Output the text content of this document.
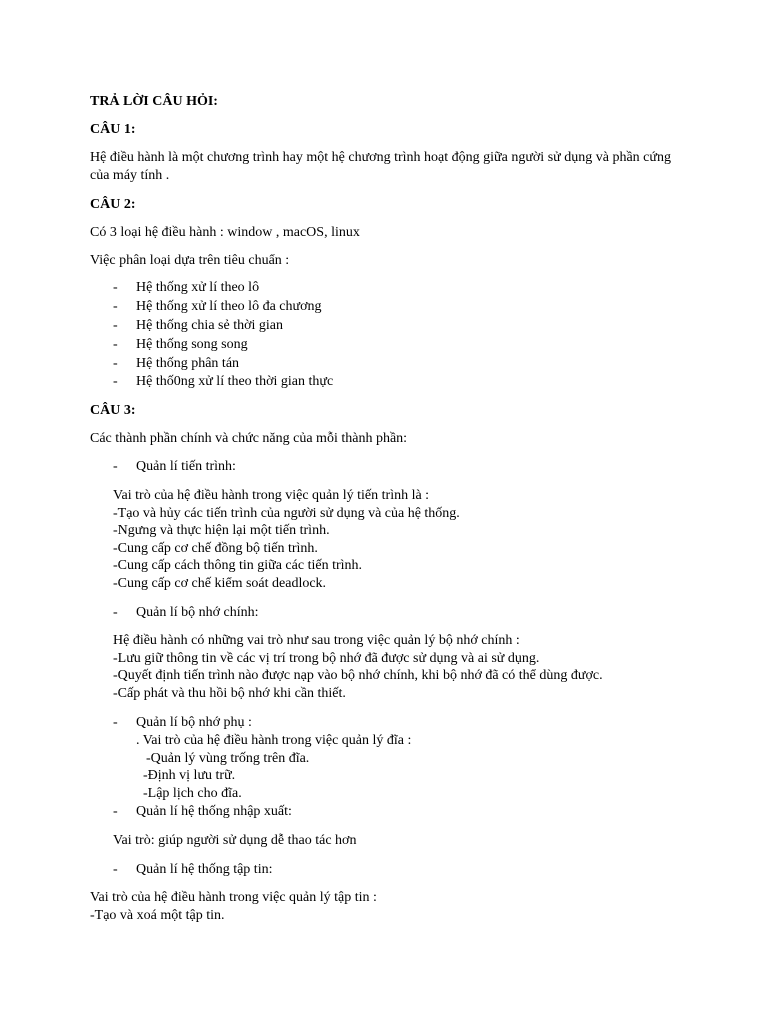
TRẢ LỜI CÂU HỎI:
CÂU 1:
Hệ điều hành là một chương trình hay một hệ chương trình hoạt động giữa người sử dụng và phần cứng
của máy tính .
CÂU 2:
Có 3 loại hệ điều hành : window , macOS, linux
Việc phân loại dựa trên tiêu chuẩn :
- Hệ thống xử lí theo lô
- Hệ thống xử lí theo lô đa chương
- Hệ thống chia sẻ thời gian
- Hệ thống song song
- Hệ thống phân tán
- Hệ thố0ng xử lí theo thời gian thực
CÂU 3:
Các thành phần chính và chức năng của mỗi thành phần:
- Quản lí tiến trình:
Vai trò của hệ điều hành trong việc quản lý tiến trình là :
-Tạo và hủy các tiến trình của người sử dụng và của hệ thống.
-Ngưng và thực hiện lại một tiến trình.
-Cung cấp cơ chế đồng bộ tiến trình.
-Cung cấp cách thông tin giữa các tiến trình.
-Cung cấp cơ chế kiểm soát deadlock.
- Quản lí bộ nhớ chính:
Hệ điều hành có những vai trò như sau trong việc quản lý bộ nhớ chính :
-Lưu giữ thông tin về các vị trí trong bộ nhớ đã được sử dụng và ai sử dụng.
-Quyết định tiến trình nào được nạp vào bộ nhớ chính, khi bộ nhớ đã có thể dùng được.
-Cấp phát và thu hồi bộ nhớ khi cần thiết.
- Quản lí bộ nhớ phụ :
. Vai trò của hệ điều hành trong việc quản lý đĩa :
-Quản lý vùng trống trên đĩa.
-Định vị lưu trữ.
-Lập lịch cho đĩa.
- Quản lí hệ thống nhập xuất:
Vai trò: giúp người sử dụng dễ thao tác hơn
- Quản lí hệ thống tập tin:
Vai trò của hệ điều hành trong việc quản lý tập tin :
-Tạo và xoá một tập tin.
